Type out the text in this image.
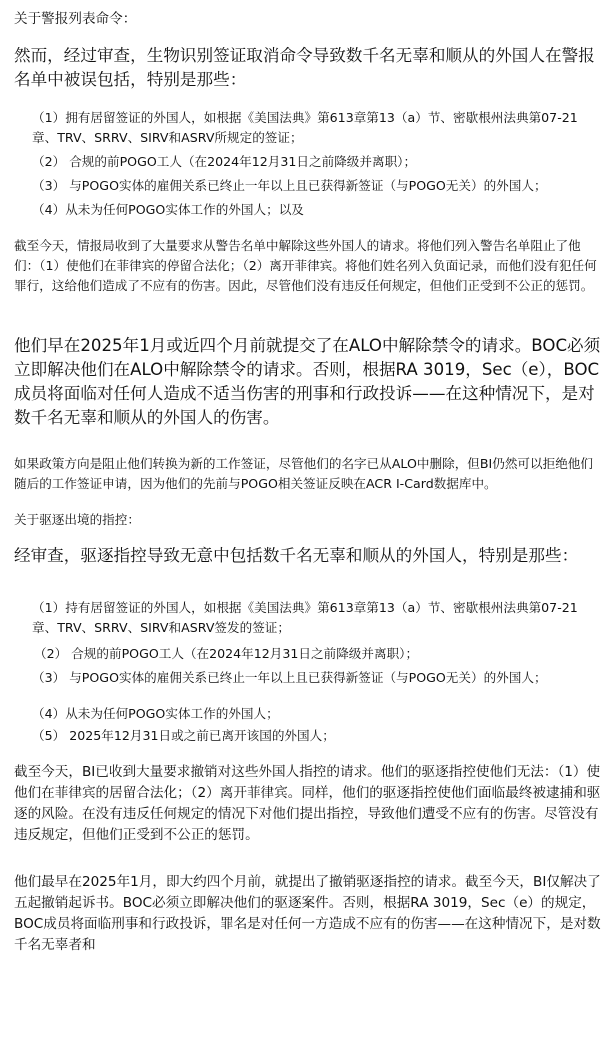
关于警报列表命令：

然而，经过审查，生物识别签证取消命令导致数千名无辜和顺从的外国人在警报名单中被误包括，特别是那些：

（1）拥有居留签证的外国人，如根据《美国法典》第613章第13（a）节、密歇根州法典第07-21章、TRV、SRRV、SIRV和ASRV所规定的签证；

（2） 合规的前POGO工人（在2024年12月31日之前降级并离职）；

（3） 与POGO实体的雇佣关系已终止一年以上且已获得新签证（与POGO无关）的外国人；

（4）从未为任何POGO实体工作的外国人；以及

截至今天，情报局收到了大量要求从警告名单中解除这些外国人的请求。将他们列入警告名单阻止了他们：（1）使他们在菲律宾的停留合法化；（2）离开菲律宾。将他们姓名列入负面记录，而他们没有犯任何罪行，这给他们造成了不应有的伤害。因此，尽管他们没有违反任何规定，但他们正受到不公正的惩罚。

他们早在2025年1月或近四个月前就提交了在ALO中解除禁令的请求。BOC必须立即解决他们在ALO中解除禁令的请求。否则，根据RA 3019，Sec（e），BOC成员将面临对任何人造成不适当伤害的刑事和行政投诉——在这种情况下，是对数千名无辜和顺从的外国人的伤害。

如果政策方向是阻止他们转换为新的工作签证，尽管他们的名字已从ALO中删除，但BI仍然可以拒绝他们随后的工作签证申请，因为他们的先前与POGO相关签证反映在ACR I-Card数据库中。

关于驱逐出境的指控：

经审查，驱逐指控导致无意中包括数千名无辜和顺从的外国人，特别是那些：

（1）持有居留签证的外国人，如根据《美国法典》第613章第13（a）节、密歇根州法典第07-21章、TRV、SRRV、SIRV和ASRV签发的签证；

（2） 合规的前POGO工人（在2024年12月31日之前降级并离职）；

（3） 与POGO实体的雇佣关系已终止一年以上且已获得新签证（与POGO无关）的外国人；

（4）从未为任何POGO实体工作的外国人；

（5） 2025年12月31日或之前已离开该国的外国人；

截至今天，BI已收到大量要求撤销对这些外国人指控的请求。他们的驱逐指控使他们无法：（1）使他们在菲律宾的居留合法化；（2）离开菲律宾。同样，他们的驱逐指控使他们面临最终被逮捕和驱逐的风险。在没有违反任何规定的情况下对他们提出指控，导致他们遭受不应有的伤害。尽管没有违反规定，但他们正受到不公正的惩罚。

他们最早在2025年1月，即大约四个月前，就提出了撤销驱逐指控的请求。截至今天，BI仅解决了五起撤销起诉书。BOC必须立即解决他们的驱逐案件。否则，根据RA 3019，Sec（e）的规定，BOC成员将面临刑事和行政投诉，罪名是对任何一方造成不应有的伤害——在这种情况下，是对数千名无辜者和
